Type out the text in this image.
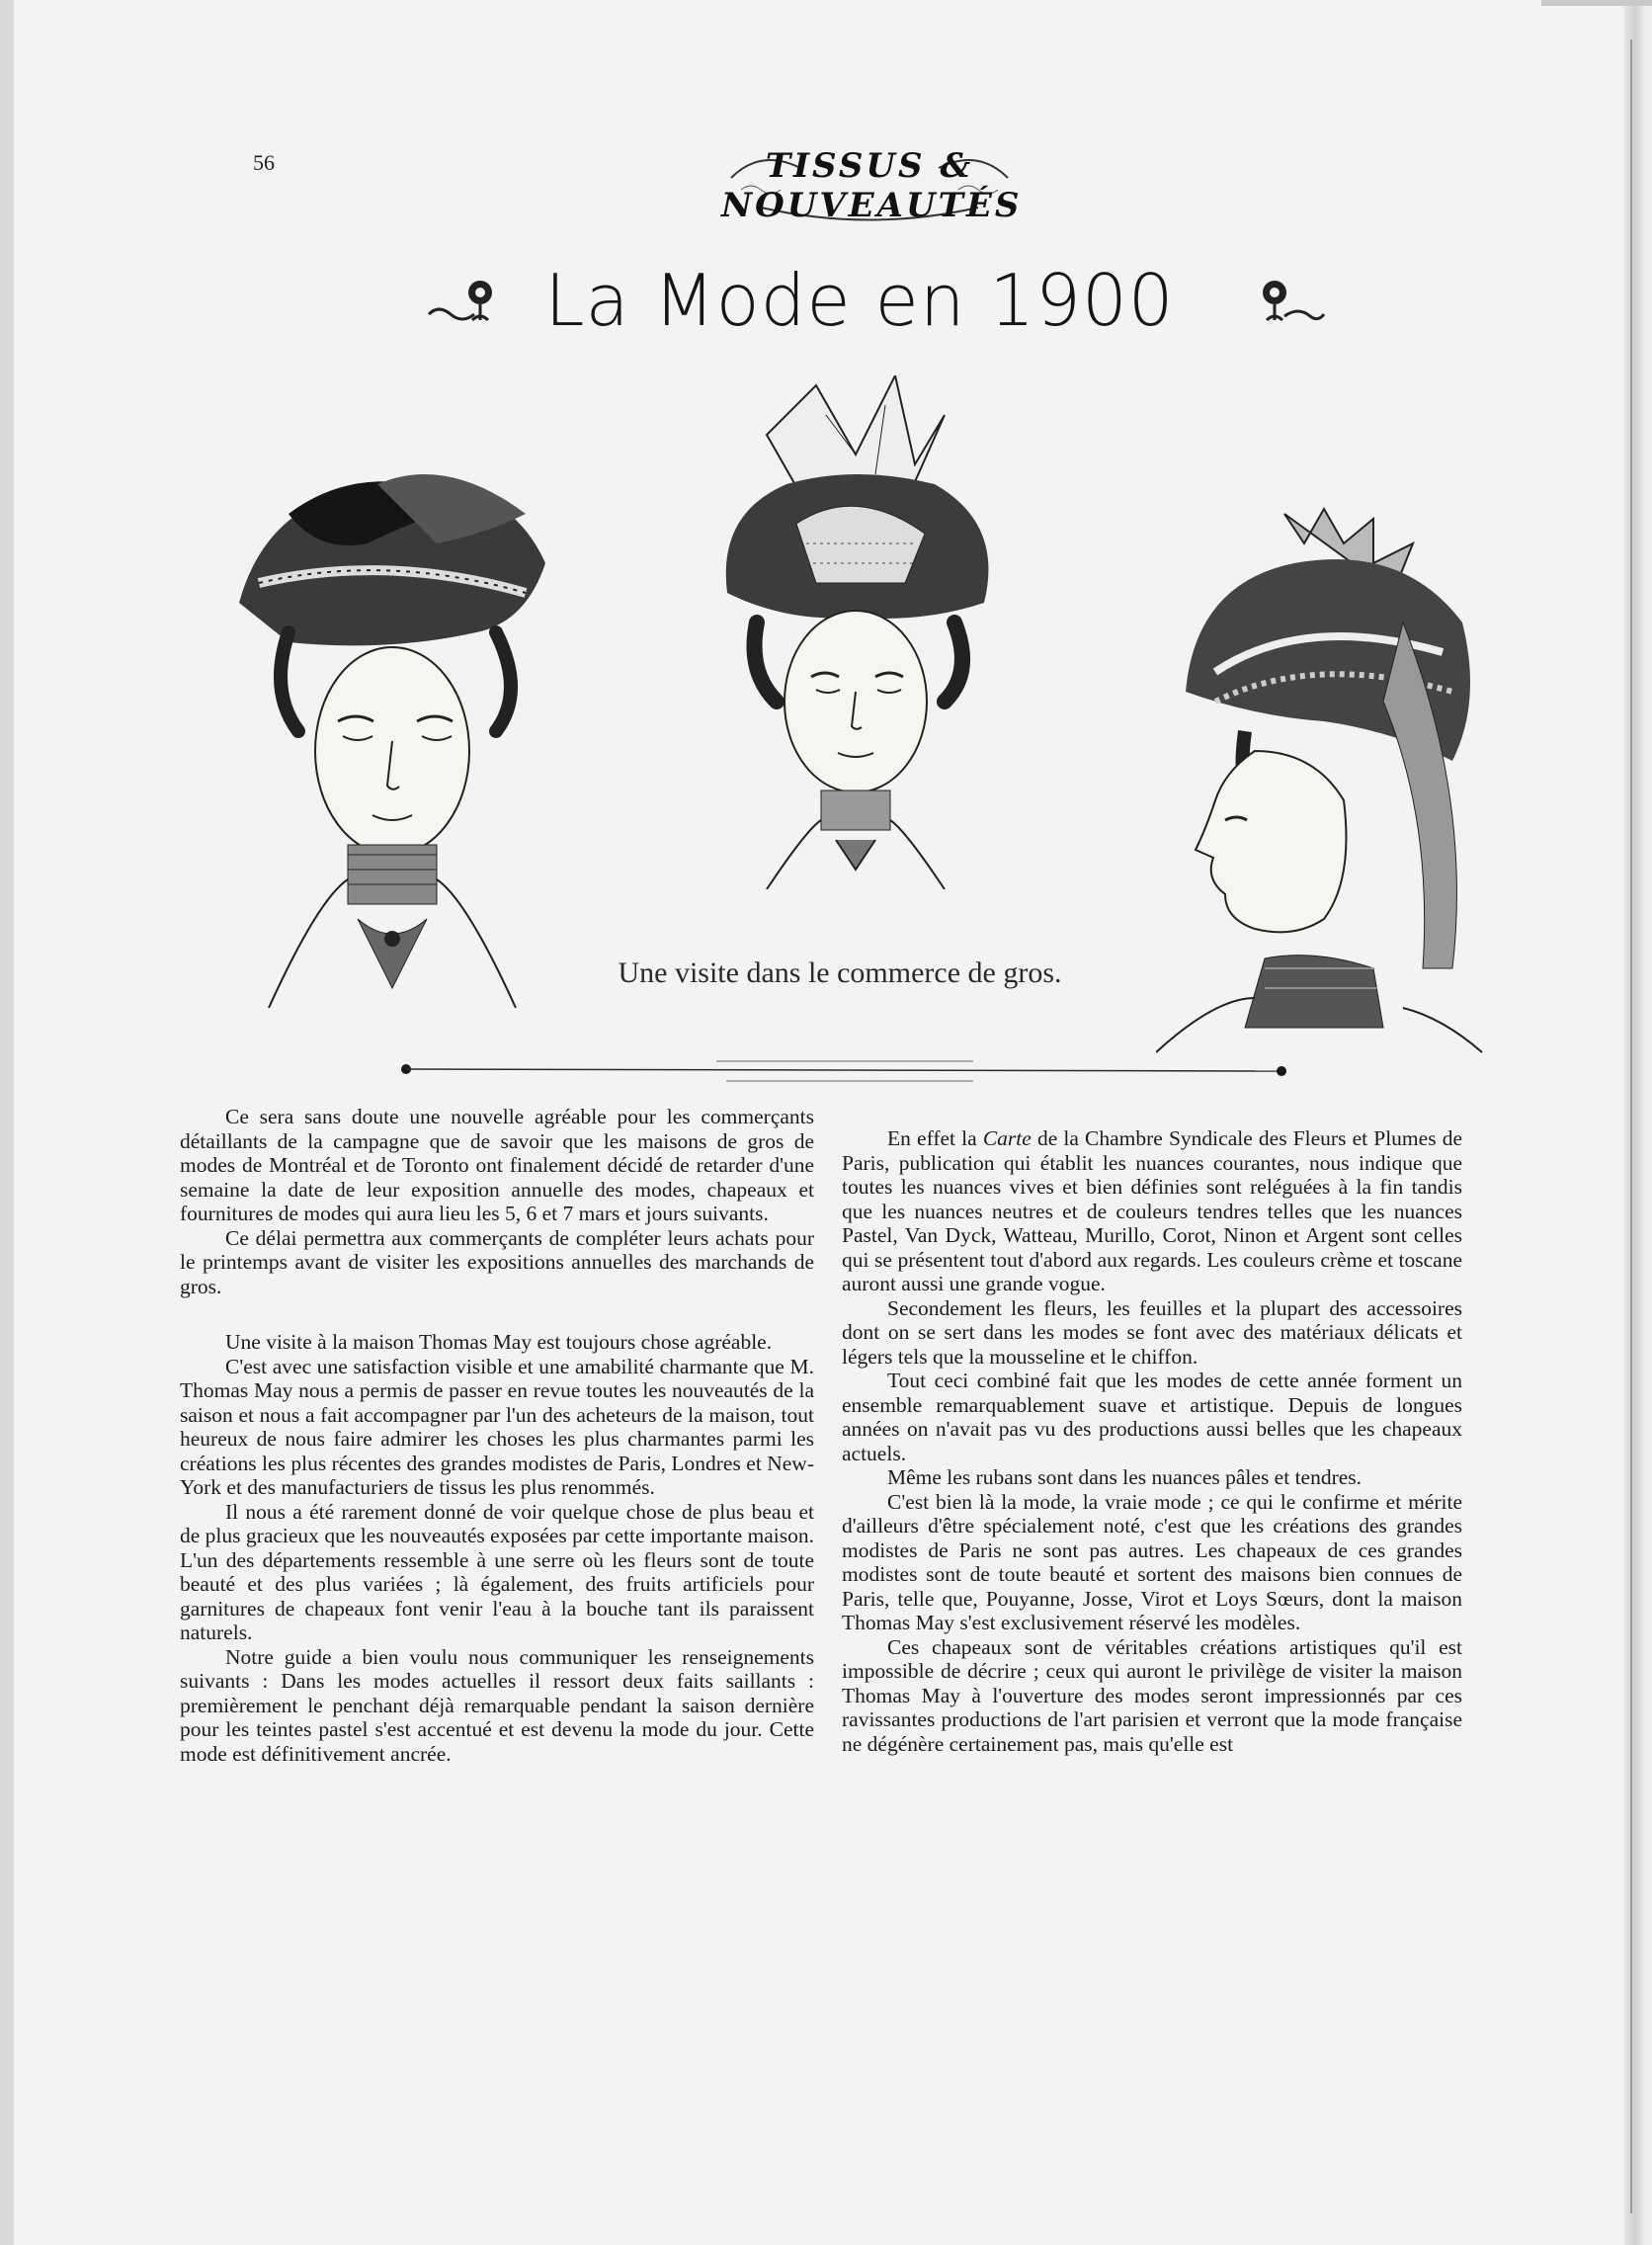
56	TISSUS & NOUVEAUTÉS
La Mode en 1900
Une visite dans le commerce de gros.

Ce sera sans doute une nouvelle agréable pour les commerçants détaillants de la campagne que de savoir que les maisons de gros de modes de Montréal et de Toronto ont finalement décidé de retarder d'une semaine la date de leur exposition annuelle des modes, chapeaux et fournitures de modes qui aura lieu les 5, 6 et 7 mars et jours suivants.

Ce délai permettra aux commerçants de compléter leurs achats pour le printemps avant de visiter les expositions annuelles des marchands de gros.

Une visite à la maison Thomas May est toujours chose agréable.

C'est avec une satisfaction visible et une amabilité charmante que M. Thomas May nous a permis de passer en revue toutes les nouveautés de la saison et nous a fait accompagner par l'un des acheteurs de la maison, tout heureux de nous faire admirer les choses les plus charmantes parmi les créations les plus récentes des grandes modistes de Paris, Londres et New-York et des manufacturiers de tissus les plus renommés.

Il nous a été rarement donné de voir quelque chose de plus beau et de plus gracieux que les nouveautés exposées par cette importante maison. L'un des départements ressemble à une serre où les fleurs sont de toute beauté et des plus variées ; là également, des fruits artificiels pour garnitures de chapeaux font venir l'eau à la bouche tant ils paraissent naturels.

Notre guide a bien voulu nous communiquer les renseignements suivants : Dans les modes actuelles il ressort deux faits saillants : premièrement le penchant déjà remarquable pendant la saison dernière pour les teintes pastel s'est accentué et est devenu la mode du jour. Cette mode est définitivement ancrée.

En effet la Carte de la Chambre Syndicale des Fleurs et Plumes de Paris, publication qui établit les nuances courantes, nous indique que toutes les nuances vives et bien définies sont reléguées à la fin tandis que les nuances neutres et de couleurs tendres telles que les nuances Pastel, Van Dyck, Watteau, Murillo, Corot, Ninon et Argent sont celles qui se présentent tout d'abord aux regards. Les couleurs crème et toscane auront aussi une grande vogue.

Secondement les fleurs, les feuilles et la plupart des accessoires dont on se sert dans les modes se font avec des matériaux délicats et légers tels que la mousseline et le chiffon.

Tout ceci combiné fait que les modes de cette année forment un ensemble remarquablement suave et artistique. Depuis de longues années on n'avait pas vu des productions aussi belles que les chapeaux actuels.

Même les rubans sont dans les nuances pâles et tendres.

C'est bien là la mode, la vraie mode ; ce qui le confirme et mérite d'ailleurs d'être spécialement noté, c'est que les créations des grandes modistes de Paris ne sont pas autres. Les chapeaux de ces grandes modistes sont de toute beauté et sortent des maisons bien connues de Paris, telle que, Pouyanne, Josse, Virot et Loys Sœurs, dont la maison Thomas May s'est exclusivement réservé les modèles.

Ces chapeaux sont de véritables créations artistiques qu'il est impossible de décrire ; ceux qui auront le privilège de visiter la maison Thomas May à l'ouverture des modes seront impressionnés par ces ravissantes productions de l'art parisien et verront que la mode française ne dégénère certainement pas, mais qu'elle est
